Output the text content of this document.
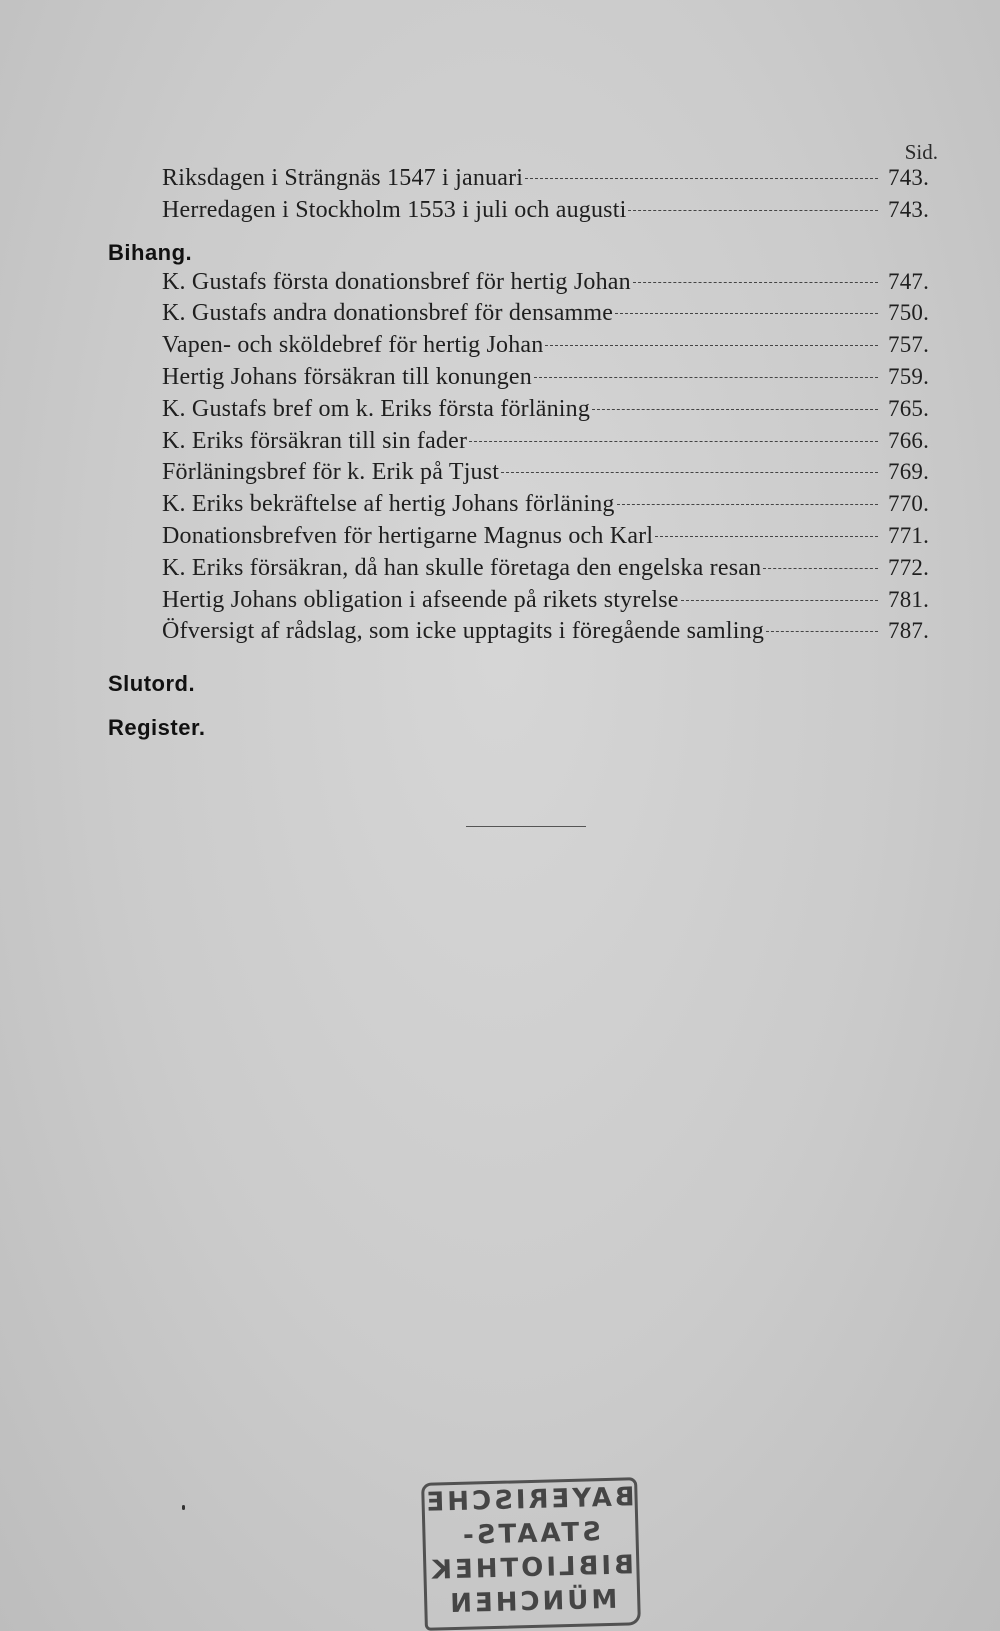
Sid.
Riksdagen i Strängnäs 1547 i januari	743.
Herredagen i Stockholm 1553 i juli och augusti	743.
Bihang.
K. Gustafs första donationsbref för hertig Johan	747.
K. Gustafs andra donationsbref för densamme	750.
Vapen- och sköldebref för hertig Johan	757.
Hertig Johans försäkran till konungen	759.
K. Gustafs bref om k. Eriks första förläning	765.
K. Eriks försäkran till sin fader	766.
Förläningsbref för k. Erik på Tjust	769.
K. Eriks bekräftelse af hertig Johans förläning	770.
Donationsbrefven för hertigarne Magnus och Karl	771.
K. Eriks försäkran, då han skulle företaga den engelska resan	772.
Hertig Johans obligation i afseende på rikets styrelse	781.
Öfversigt af rådslag, som icke upptagits i föregående samling	787.
Slutord.
Register.
BAYERISCHE
STAATS-
BIBLIOTHEK
MÜNCHEN
